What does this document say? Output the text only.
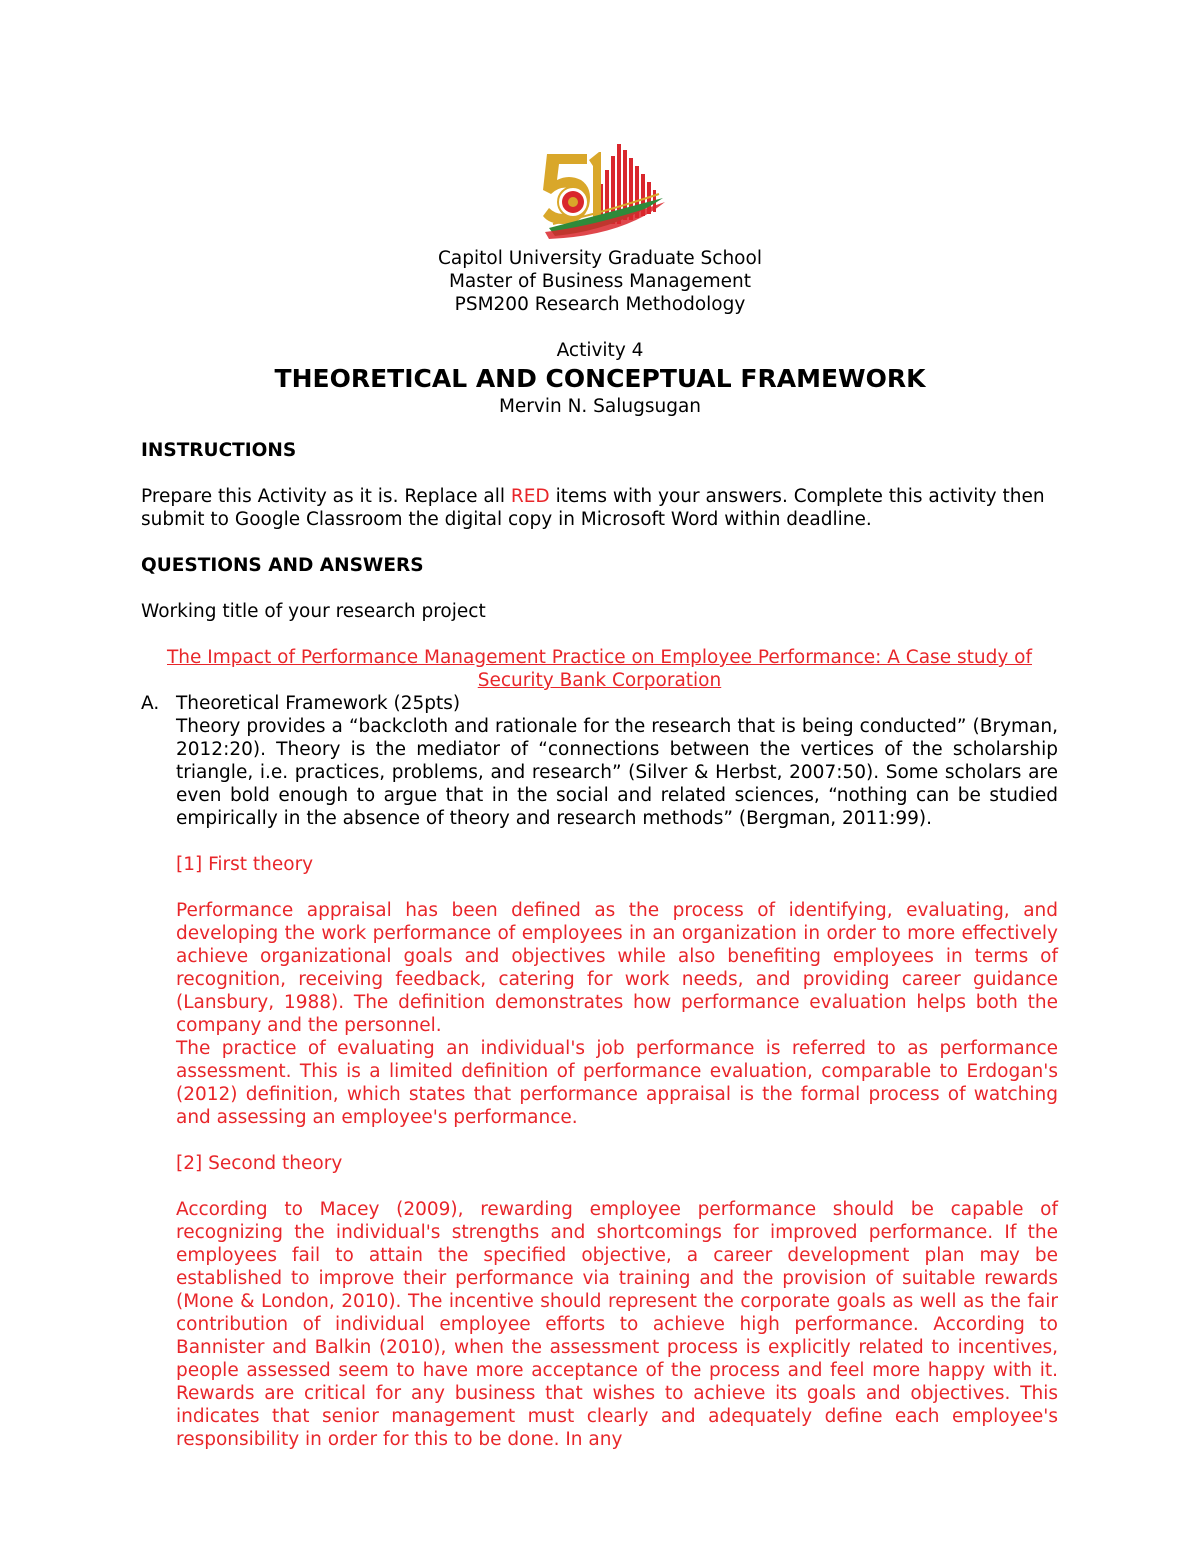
Capitol University Graduate School
Master of Business Management
PSM200 Research Methodology
Activity 4
THEORETICAL AND CONCEPTUAL FRAMEWORK
Mervin N. Salugsugan

INSTRUCTIONS

Prepare this Activity as it is. Replace all RED items with your answers. Complete this activity then submit to Google Classroom the digital copy in Microsoft Word within deadline.

QUESTIONS AND ANSWERS

Working title of your research project

The Impact of Performance Management Practice on Employee Performance: A Case study of Security Bank Corporation

A. Theoretical Framework (25pts)

Theory provides a “backcloth and rationale for the research that is being conducted” (Bryman, 2012:20). Theory is the mediator of “connections between the vertices of the scholarship triangle, i.e. practices, problems, and research” (Silver & Herbst, 2007:50). Some scholars are even bold enough to argue that in the social and related sciences, “nothing can be studied empirically in the absence of theory and research methods” (Bergman, 2011:99).

[1] First theory

Performance appraisal has been defined as the process of identifying, evaluating, and developing the work performance of employees in an organization in order to more effectively achieve organizational goals and objectives while also benefiting employees in terms of recognition, receiving feedback, catering for work needs, and providing career guidance (Lansbury, 1988). The definition demonstrates how performance evaluation helps both the company and the personnel.

The practice of evaluating an individual's job performance is referred to as performance assessment. This is a limited definition of performance evaluation, comparable to Erdogan's (2012) definition, which states that performance appraisal is the formal process of watching and assessing an employee's performance.

[2] Second theory

According to Macey (2009), rewarding employee performance should be capable of recognizing the individual's strengths and shortcomings for improved performance. If the employees fail to attain the specified objective, a career development plan may be established to improve their performance via training and the provision of suitable rewards (Mone & London, 2010). The incentive should represent the corporate goals as well as the fair contribution of individual employee efforts to achieve high performance. According to Bannister and Balkin (2010), when the assessment process is explicitly related to incentives, people assessed seem to have more acceptance of the process and feel more happy with it. Rewards are critical for any business that wishes to achieve its goals and objectives. This indicates that senior management must clearly and adequately define each employee's responsibility in order for this to be done. In any
